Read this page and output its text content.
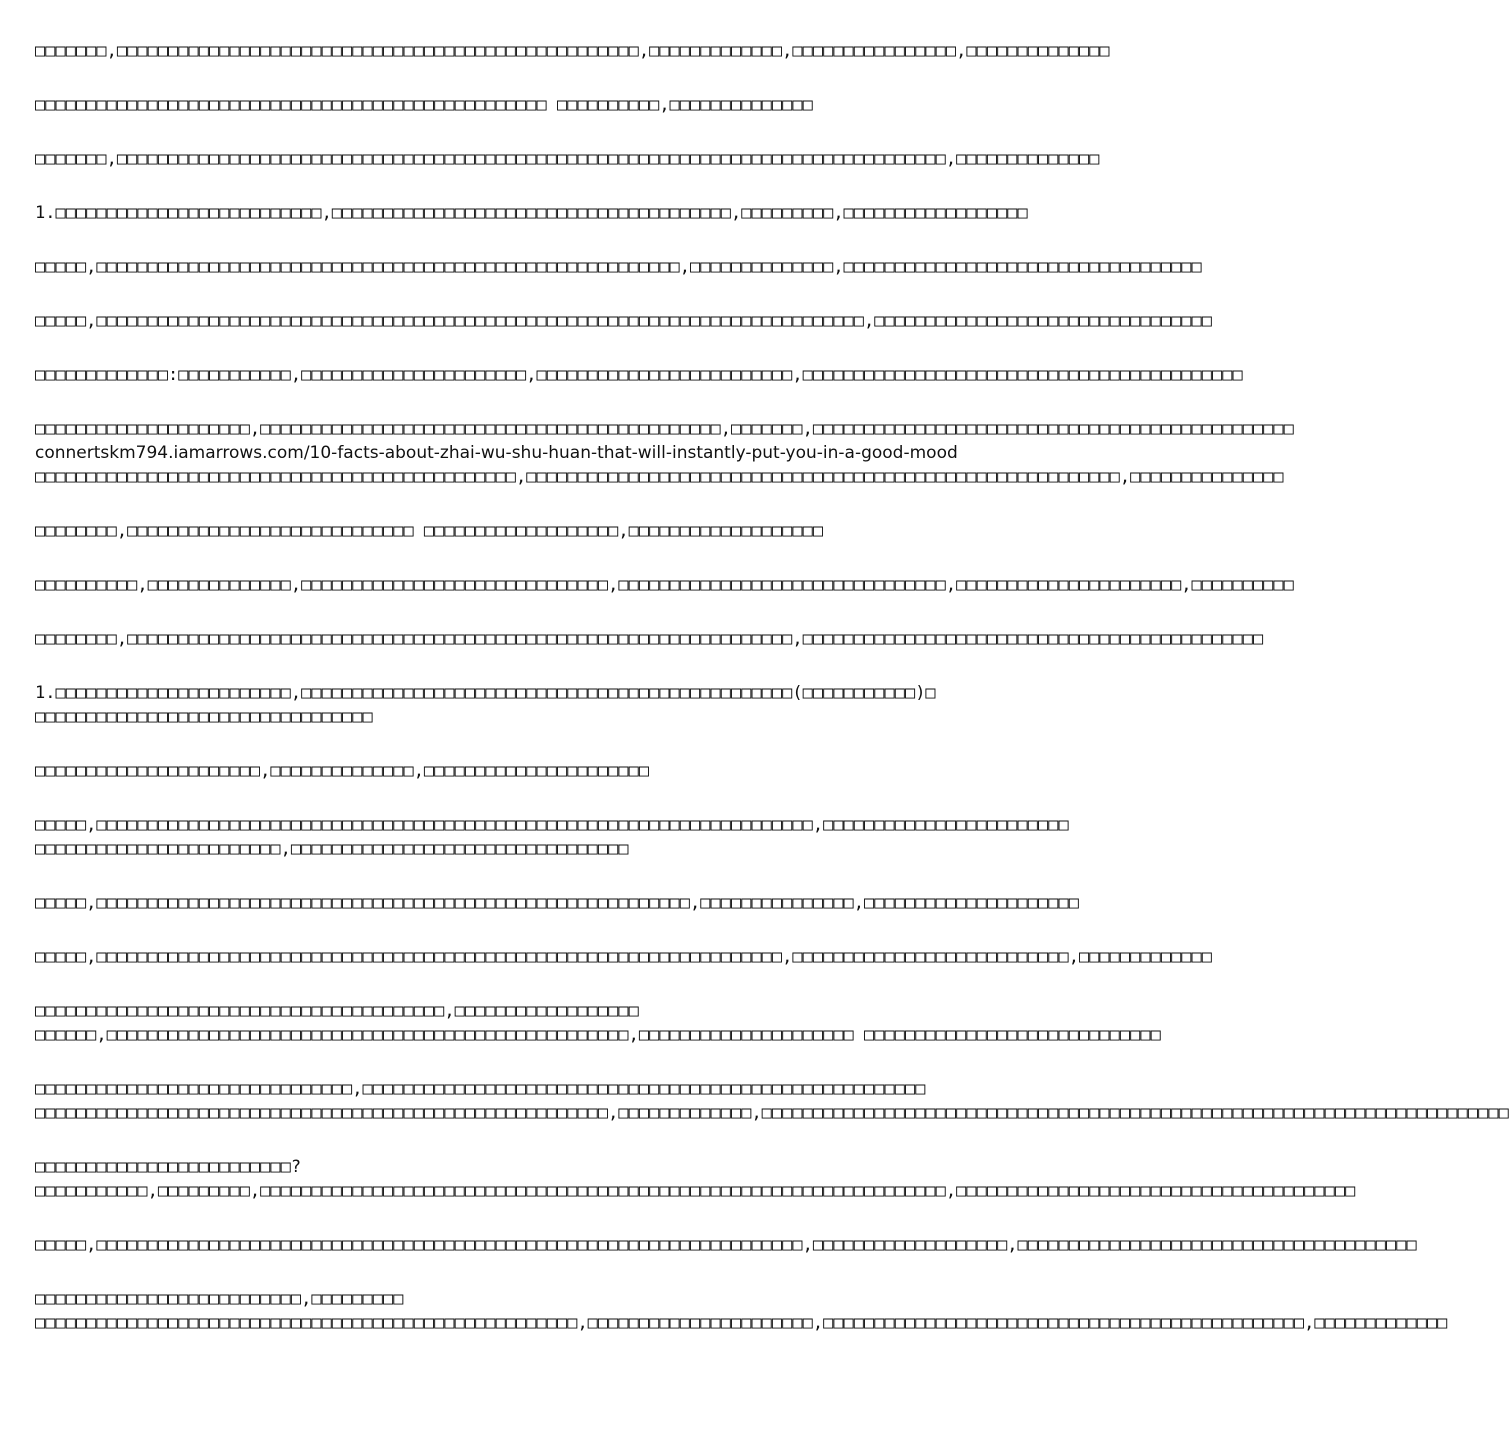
□□□□□□□,□□□□□□□□□□□□□□□□□□□□□□□□□□□□□□□□□□□□□□□□□□□□□□□□□□□,□□□□□□□□□□□□□,□□□□□□□□□□□□□□□□,□□□□□□□□□□□□□□

□□□□□□□□□□□□□□□□□□□□□□□□□□□□□□□□□□□□□□□□□□□□□□□□□□ □□□□□□□□□□,□□□□□□□□□□□□□□

□□□□□□□,□□□□□□□□□□□□□□□□□□□□□□□□□□□□□□□□□□□□□□□□□□□□□□□□□□□□□□□□□□□□□□□□□□□□□□□□□□□□□□□□□,□□□□□□□□□□□□□□

1.□□□□□□□□□□□□□□□□□□□□□□□□□□,□□□□□□□□□□□□□□□□□□□□□□□□□□□□□□□□□□□□□□□,□□□□□□□□□,□□□□□□□□□□□□□□□□□□

□□□□□,□□□□□□□□□□□□□□□□□□□□□□□□□□□□□□□□□□□□□□□□□□□□□□□□□□□□□□□□□,□□□□□□□□□□□□□□,□□□□□□□□□□□□□□□□□□□□□□□□□□□□□□□□□□□

□□□□□,□□□□□□□□□□□□□□□□□□□□□□□□□□□□□□□□□□□□□□□□□□□□□□□□□□□□□□□□□□□□□□□□□□□□□□□□□□□,□□□□□□□□□□□□□□□□□□□□□□□□□□□□□□□□□

□□□□□□□□□□□□□:□□□□□□□□□□□,□□□□□□□□□□□□□□□□□□□□□□,□□□□□□□□□□□□□□□□□□□□□□□□□,□□□□□□□□□□□□□□□□□□□□□□□□□□□□□□□□□□□□□□□□□□□

□□□□□□□□□□□□□□□□□□□□□,□□□□□□□□□□□□□□□□□□□□□□□□□□□□□□□□□□□□□□□□□□□□□,□□□□□□□,□□□□□□□□□□□□□□□□□□□□□□□□□□□□□□□□□□□□□□□□□□□□□□□
connertskm794.iamarrows.com/10-facts-about-zhai-wu-shu-huan-that-will-instantly-put-you-in-a-good-mood
□□□□□□□□□□□□□□□□□□□□□□□□□□□□□□□□□□□□□□□□□□□□□□□,□□□□□□□□□□□□□□□□□□□□□□□□□□□□□□□□□□□□□□□□□□□□□□□□□□□□□□□□□□,□□□□□□□□□□□□□□□

□□□□□□□□,□□□□□□□□□□□□□□□□□□□□□□□□□□□□ □□□□□□□□□□□□□□□□□□□,□□□□□□□□□□□□□□□□□□□

□□□□□□□□□□,□□□□□□□□□□□□□□,□□□□□□□□□□□□□□□□□□□□□□□□□□□□□□,□□□□□□□□□□□□□□□□□□□□□□□□□□□□□□□□,□□□□□□□□□□□□□□□□□□□□□□,□□□□□□□□□□

□□□□□□□□,□□□□□□□□□□□□□□□□□□□□□□□□□□□□□□□□□□□□□□□□□□□□□□□□□□□□□□□□□□□□□□□□□,□□□□□□□□□□□□□□□□□□□□□□□□□□□□□□□□□□□□□□□□□□□□□

1.□□□□□□□□□□□□□□□□□□□□□□□,□□□□□□□□□□□□□□□□□□□□□□□□□□□□□□□□□□□□□□□□□□□□□□□□(□□□□□□□□□□□)□
□□□□□□□□□□□□□□□□□□□□□□□□□□□□□□□□□

□□□□□□□□□□□□□□□□□□□□□□,□□□□□□□□□□□□□□,□□□□□□□□□□□□□□□□□□□□□□

□□□□□,□□□□□□□□□□□□□□□□□□□□□□□□□□□□□□□□□□□□□□□□□□□□□□□□□□□□□□□□□□□□□□□□□□□□□□,□□□□□□□□□□□□□□□□□□□□□□□□
□□□□□□□□□□□□□□□□□□□□□□□□,□□□□□□□□□□□□□□□□□□□□□□□□□□□□□□□□□

□□□□□,□□□□□□□□□□□□□□□□□□□□□□□□□□□□□□□□□□□□□□□□□□□□□□□□□□□□□□□□□□,□□□□□□□□□□□□□□□,□□□□□□□□□□□□□□□□□□□□□

□□□□□,□□□□□□□□□□□□□□□□□□□□□□□□□□□□□□□□□□□□□□□□□□□□□□□□□□□□□□□□□□□□□□□□□□□,□□□□□□□□□□□□□□□□□□□□□□□□□□□,□□□□□□□□□□□□□

□□□□□□□□□□□□□□□□□□□□□□□□□□□□□□□□□□□□□□□□,□□□□□□□□□□□□□□□□□□
□□□□□□,□□□□□□□□□□□□□□□□□□□□□□□□□□□□□□□□□□□□□□□□□□□□□□□□□□□,□□□□□□□□□□□□□□□□□□□□□ □□□□□□□□□□□□□□□□□□□□□□□□□□□□□

□□□□□□□□□□□□□□□□□□□□□□□□□□□□□□□,□□□□□□□□□□□□□□□□□□□□□□□□□□□□□□□□□□□□□□□□□□□□□□□□□□□□□□□
□□□□□□□□□□□□□□□□□□□□□□□□□□□□□□□□□□□□□□□□□□□□□□□□□□□□□□□□,□□□□□□□□□□□□□,□□□□□□□□□□□□□□□□□□□□□□□□□□□□□□□□□□□□□□□□□□□□□□□□□□□□□□□□□□□□□□□□□□□□□□□□□

□□□□□□□□□□□□□□□□□□□□□□□□□?
□□□□□□□□□□□,□□□□□□□□□,□□□□□□□□□□□□□□□□□□□□□□□□□□□□□□□□□□□□□□□□□□□□□□□□□□□□□□□□□□□□□□□□□□□,□□□□□□□□□□□□□□□□□□□□□□□□□□□□□□□□□□□□□□□

□□□□□,□□□□□□□□□□□□□□□□□□□□□□□□□□□□□□□□□□□□□□□□□□□□□□□□□□□□□□□□□□□□□□□□□□□□□,□□□□□□□□□□□□□□□□□□□,□□□□□□□□□□□□□□□□□□□□□□□□□□□□□□□□□□□□□□□

□□□□□□□□□□□□□□□□□□□□□□□□□□,□□□□□□□□□
□□□□□□□□□□□□□□□□□□□□□□□□□□□□□□□□□□□□□□□□□□□□□□□□□□□□□,□□□□□□□□□□□□□□□□□□□□□□,□□□□□□□□□□□□□□□□□□□□□□□□□□□□□□□□□□□□□□□□□□□□□□□,□□□□□□□□□□□□□
